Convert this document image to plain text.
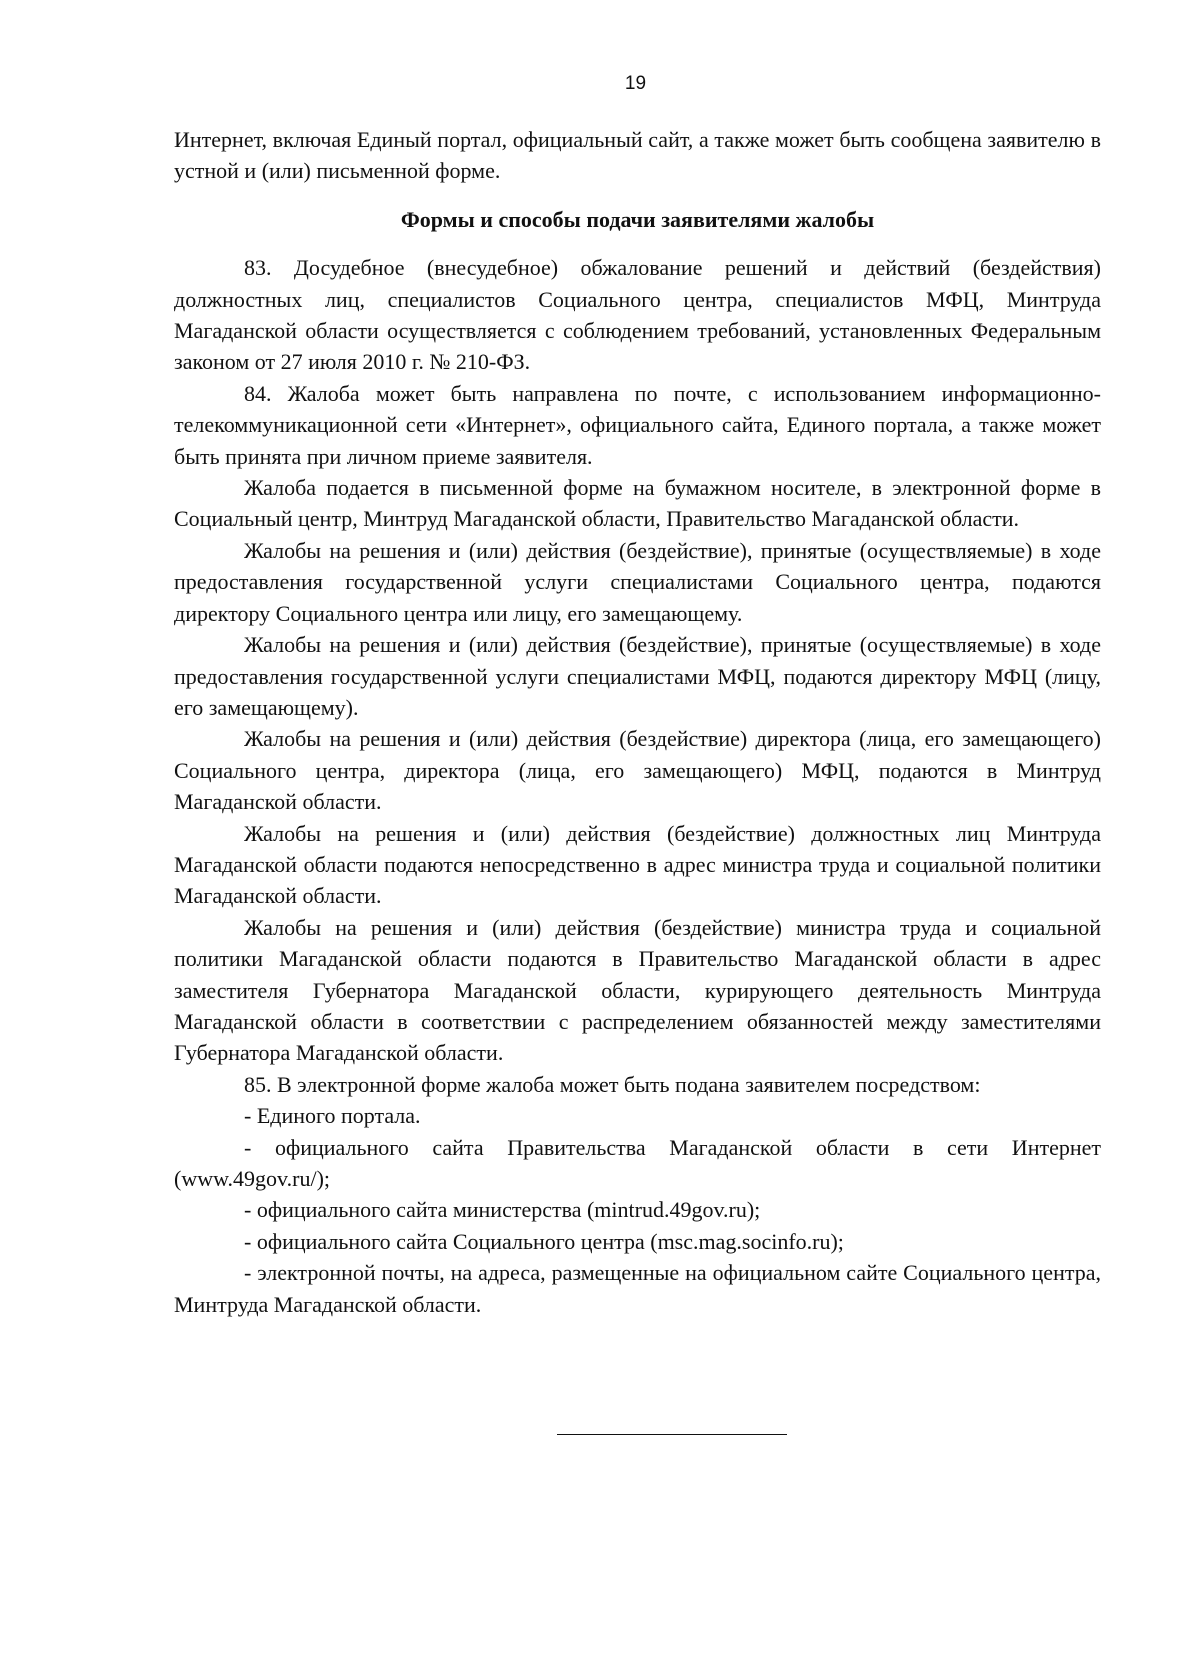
19

Интернет, включая Единый портал, официальный сайт, а также может быть сообщена заявителю в устной и (или) письменной форме.

Формы и способы подачи заявителями жалобы

83. Досудебное (внесудебное) обжалование решений и действий (бездействия) должностных лиц, специалистов Социального центра, специалистов МФЦ, Минтруда Магаданской области осуществляется с соблюдением требований, установленных Федеральным законом от 27 июля 2010 г. № 210-ФЗ.

84. Жалоба может быть направлена по почте, с использованием информационно-телекоммуникационной сети «Интернет», официального сайта, Единого портала, а также может быть принята при личном приеме заявителя.

Жалоба подается в письменной форме на бумажном носителе, в электронной форме в Социальный центр, Минтруд Магаданской области, Правительство Магаданской области.

Жалобы на решения и (или) действия (бездействие), принятые (осуществляемые) в ходе предоставления государственной услуги специалистами Социального центра, подаются директору Социального центра или лицу, его замещающему.

Жалобы на решения и (или) действия (бездействие), принятые (осуществляемые) в ходе предоставления государственной услуги специалистами МФЦ, подаются директору МФЦ (лицу, его замещающему).

Жалобы на решения и (или) действия (бездействие) директора (лица, его замещающего) Социального центра, директора (лица, его замещающего) МФЦ, подаются в Минтруд Магаданской области.

Жалобы на решения и (или) действия (бездействие) должностных лиц Минтруда Магаданской области подаются непосредственно в адрес министра труда и социальной политики Магаданской области.

Жалобы на решения и (или) действия (бездействие) министра труда и социальной политики Магаданской области подаются в Правительство Магаданской области в адрес заместителя Губернатора Магаданской области, курирующего деятельность Минтруда Магаданской области в соответствии с распределением обязанностей между заместителями Губернатора Магаданской области.

85. В электронной форме жалоба может быть подана заявителем посредством:

- Единого портала.

- официального сайта Правительства Магаданской области в сети Интернет (www.49gov.ru/);

- официального сайта министерства (mintrud.49gov.ru);

- официального сайта Социального центра (msc.mag.socinfo.ru);

- электронной почты, на адреса, размещенные на официальном сайте Социального центра, Минтруда Магаданской области.
